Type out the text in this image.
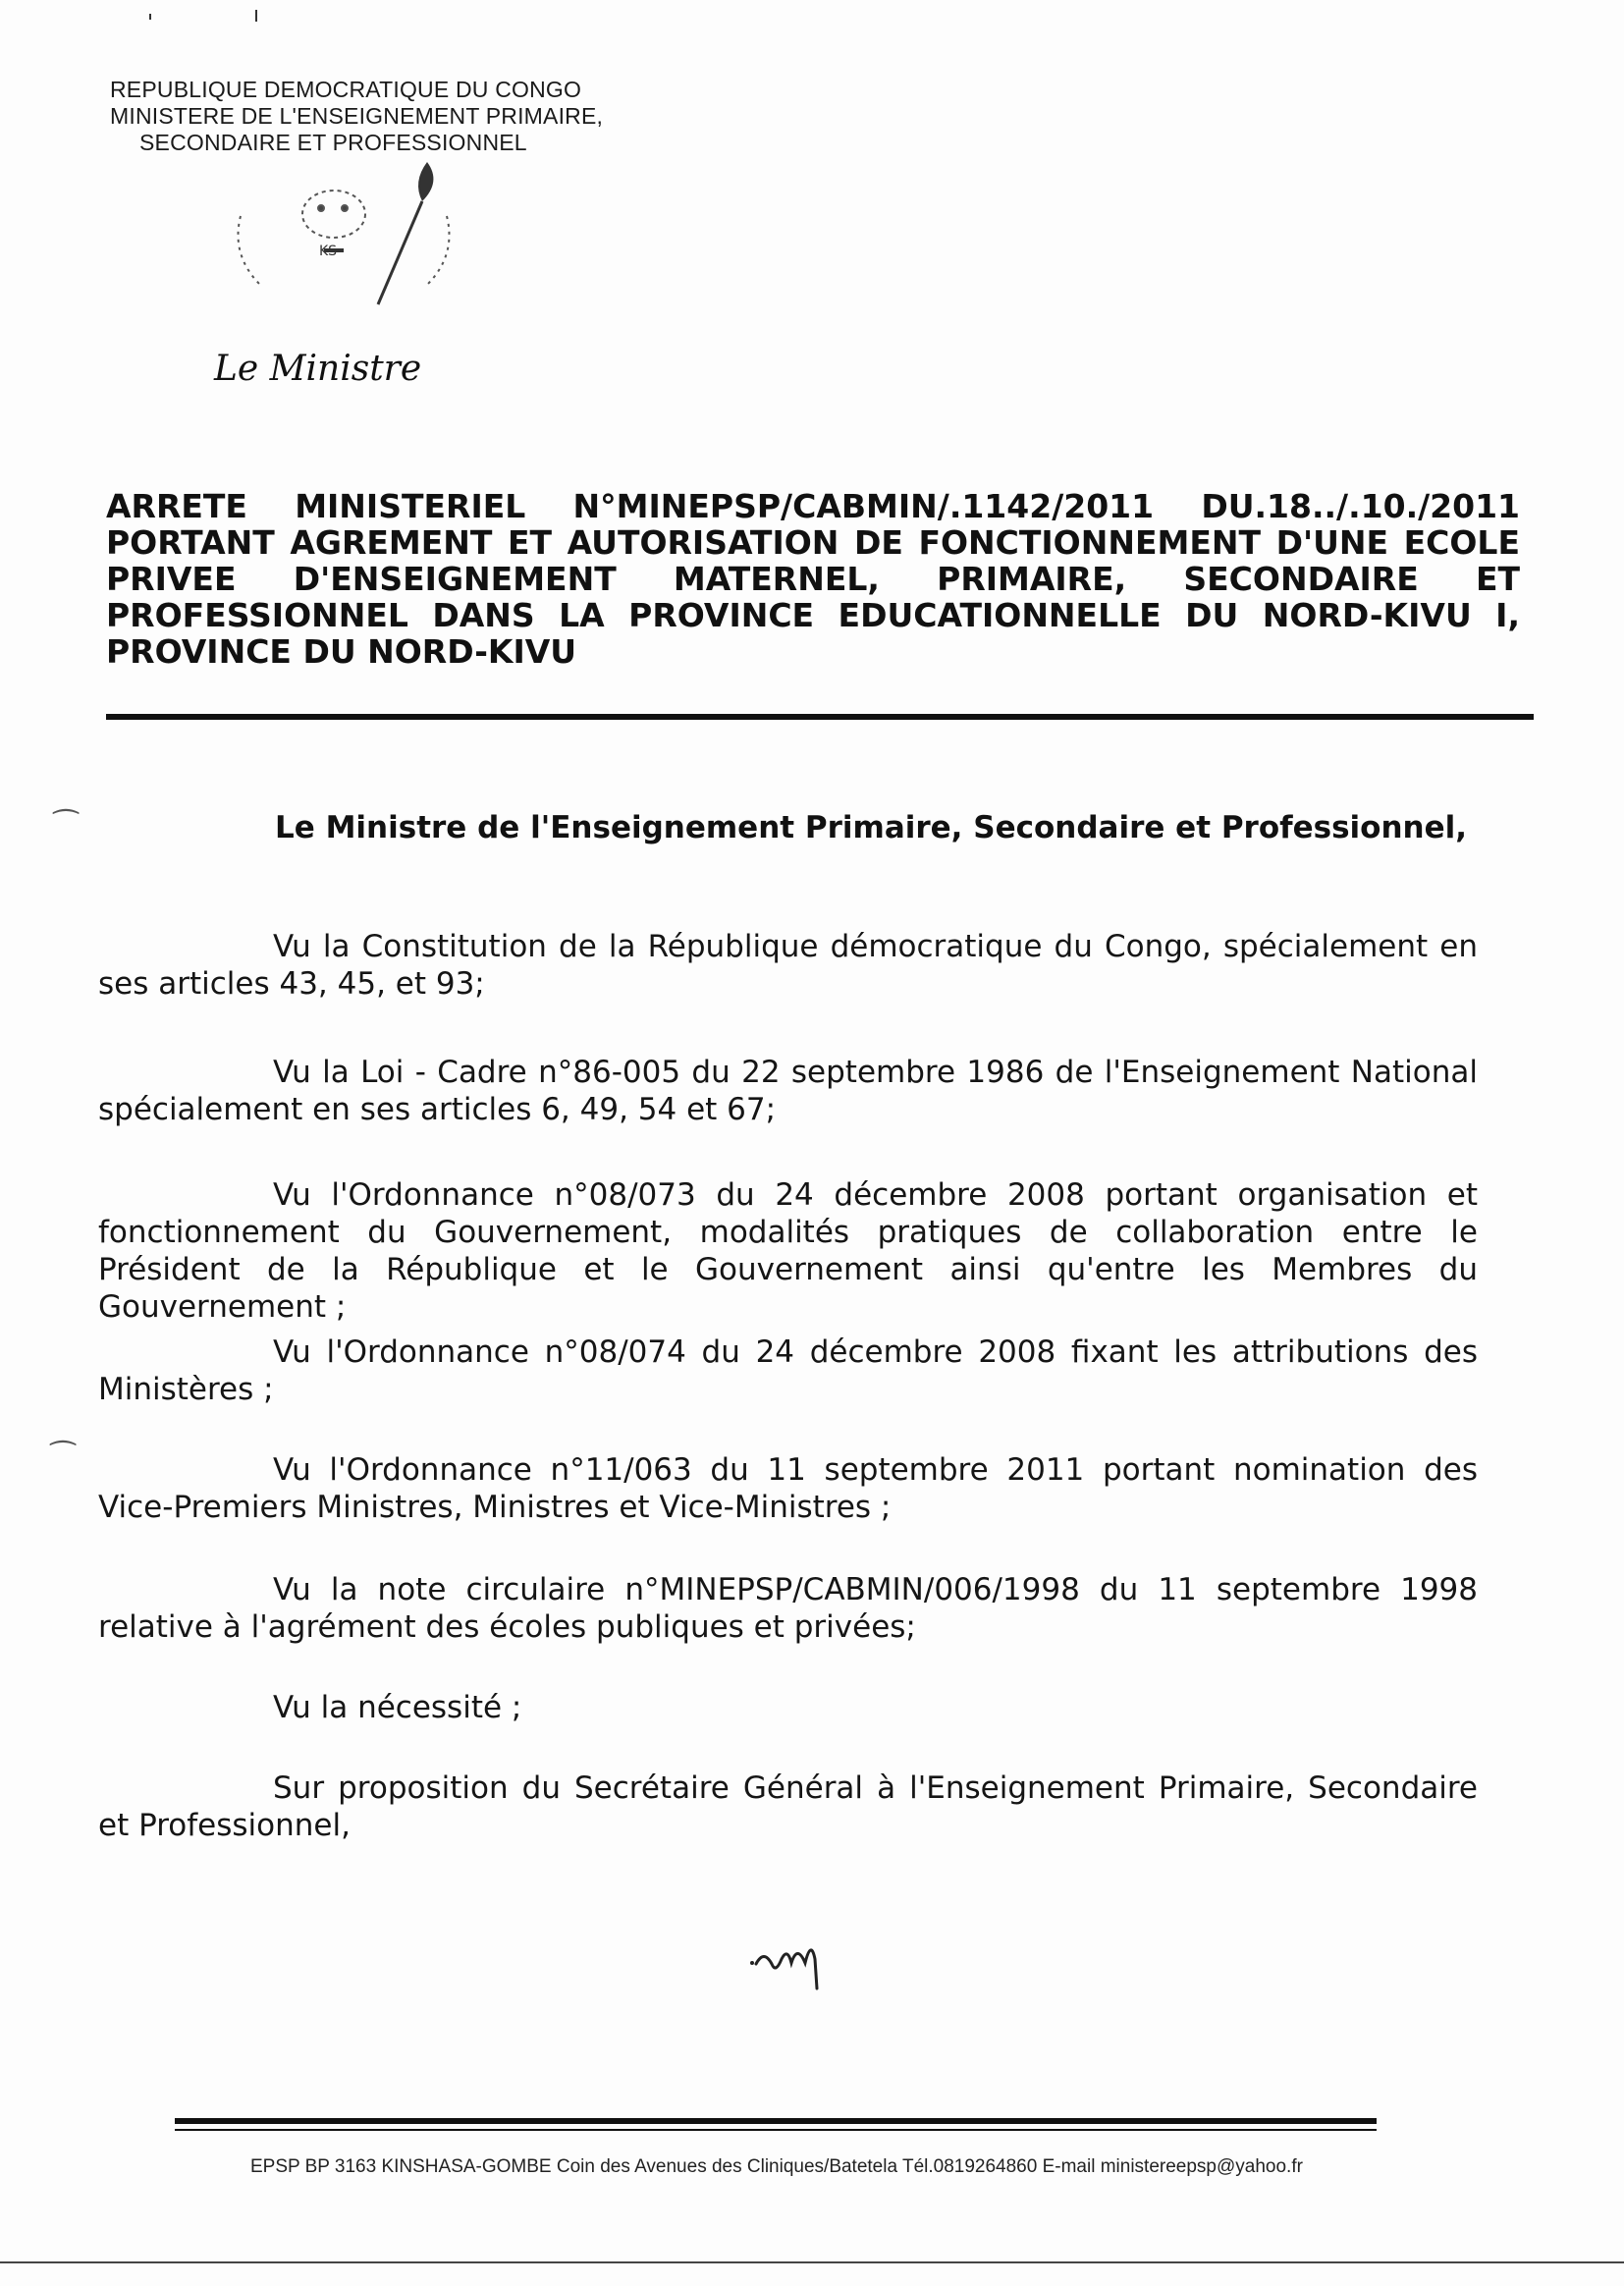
REPUBLIQUE DEMOCRATIQUE DU CONGO
MINISTERE DE L'ENSEIGNEMENT PRIMAIRE,
SECONDAIRE ET PROFESSIONNEL
KS·
Le Ministre
ARRETE MINISTERIEL N°MINEPSP/CABMIN/.1142/2011 DU.18../.10./2011
PORTANT AGREMENT ET AUTORISATION DE FONCTIONNEMENT D'UNE ECOLE
PRIVEE D'ENSEIGNEMENT MATERNEL, PRIMAIRE, SECONDAIRE ET
PROFESSIONNEL DANS LA PROVINCE EDUCATIONNELLE DU NORD-KIVU I,
PROVINCE DU NORD-KIVU
⁀	Le Ministre de l'Enseignement Primaire, Secondaire et Professionnel,
Vu la Constitution de la République démocratique du Congo, spécialement en ses articles 43, 45, et 93;
Vu la Loi - Cadre n°86-005 du 22 septembre 1986 de l'Enseignement National spécialement en ses articles 6, 49, 54 et 67;
Vu l'Ordonnance n°08/073 du 24 décembre 2008 portant organisation et fonctionnement du Gouvernement, modalités pratiques de collaboration entre le Président de la République et le Gouvernement ainsi qu'entre les Membres du Gouvernement ;
Vu l'Ordonnance n°08/074 du 24 décembre 2008 fixant les attributions des Ministères ;
⁀	Vu l'Ordonnance n°11/063 du 11 septembre 2011 portant nomination des Vice-Premiers Ministres, Ministres et Vice-Ministres ;
Vu la note circulaire n°MINEPSP/CABMIN/006/1998 du 11 septembre 1998 relative à l'agrément des écoles publiques et privées;
Vu la nécessité ;
Sur proposition du Secrétaire Général à l'Enseignement Primaire, Secondaire et Professionnel,
EPSP BP 3163 KINSHASA-GOMBE Coin des Avenues des Cliniques/Batetela Tél.0819264860 E-mail ministereepsp@yahoo.fr
